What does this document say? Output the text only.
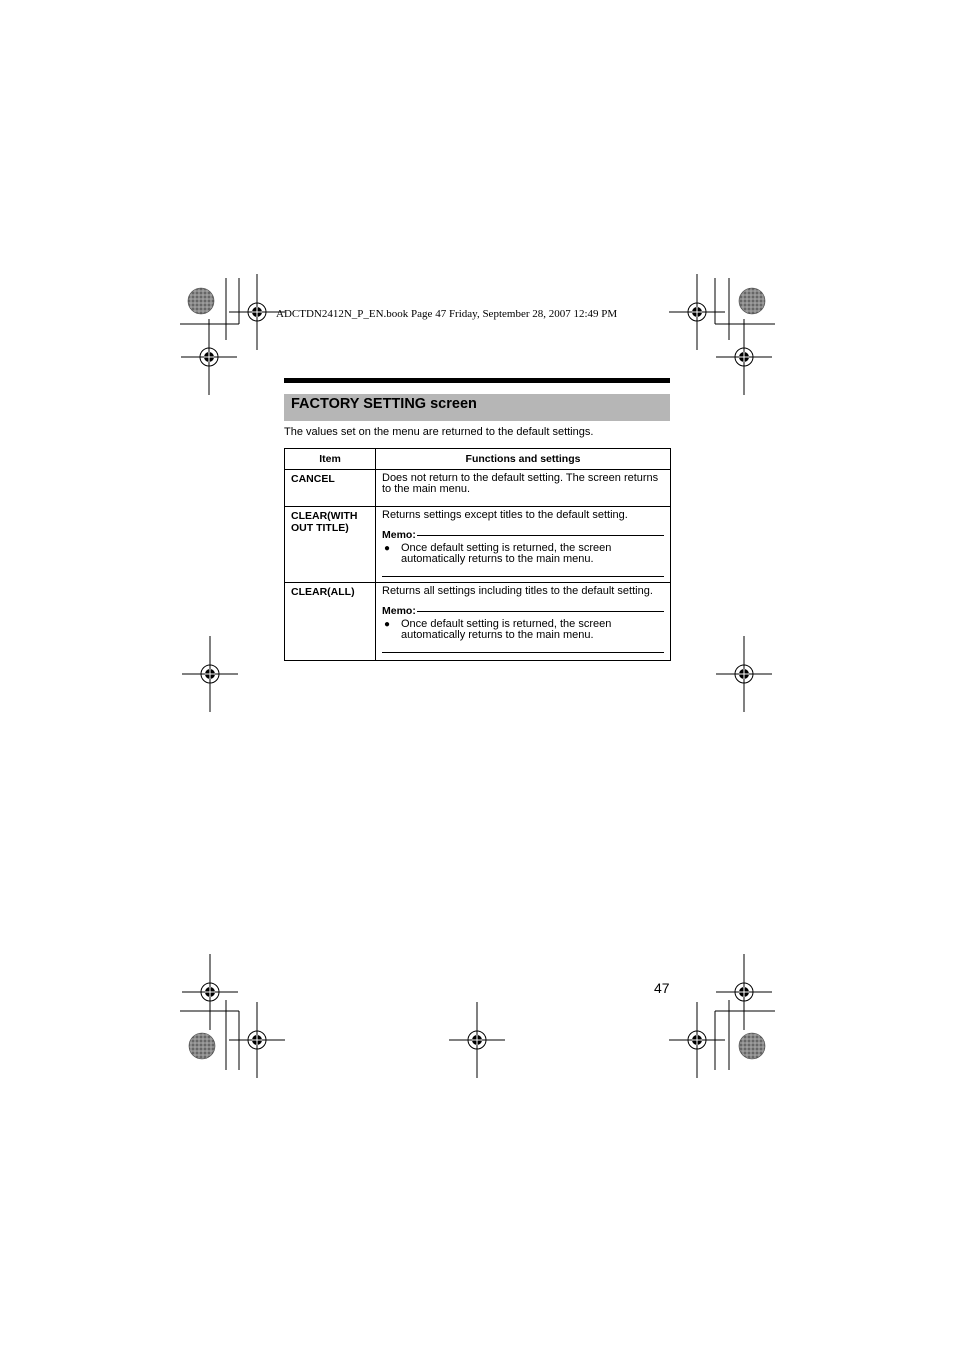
ADCTDN2412N_P_EN.book Page 47 Friday, September 28, 2007 12:49 PM
FACTORY SETTING screen
The values set on the menu are returned to the default settings.
Item	Functions and settings
CANCEL	Does not return to the default setting. The screen returns to the main menu.

CLEAR(WITH OUT TITLE)	Returns settings except titles to the default setting.

Memo:
● Once default setting is returned, the screen automatically returns to the main menu.

CLEAR(ALL)	Returns all settings including titles to the default setting.

Memo:
● Once default setting is returned, the screen automatically returns to the main menu.
47
